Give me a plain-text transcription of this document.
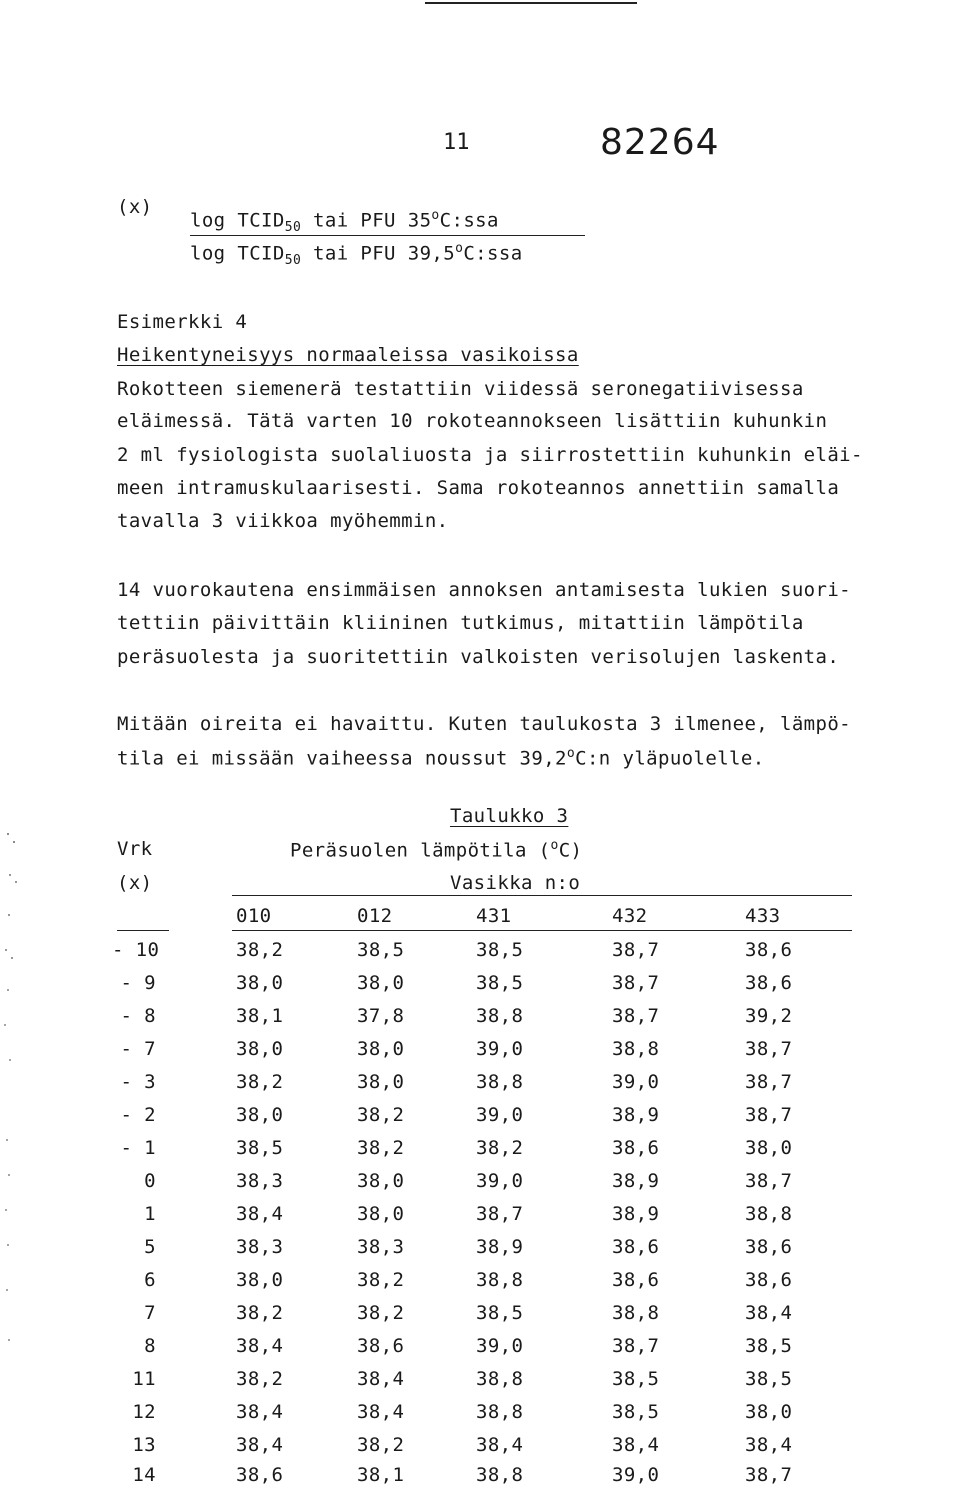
11	82264
(x)
$\log TCID_{50}$ tai PFU 35$^o$C:ssa
$\log TCID_{50}$ tai PFU 39,5$^o$C:ssa
Esimerkki 4
Heikentyneisyys normaaleissa vasikoissa
Rokotteen siemenerä testattiin viidessä seronegatiivisessa
eläimessä. Tätä varten 10 rokoteannokseen lisättiin kuhunkin
2 ml fysiologista suolaliuosta ja siirrostettiin kuhunkin eläi-
meen intramuskulaarisesti. Sama rokoteannos annettiin samalla
tavalla 3 viikkoa myöhemmin.
14 vuorokautena ensimmäisen annoksen antamisesta lukien suori-
tettiin päivittäin kliininen tutkimus, mitattiin lämpötila
peräsuolesta ja suoritettiin valkoisten verisolujen laskenta.
Mitään oireita ei havaittu. Kuten taulukosta 3 ilmenee, lämpö-
tila ei missään vaiheessa noussut 39,2$^o$C:n yläpuolelle.
Taulukko 3
Vrk	Peräsuolen lämpötila ($^o$C)
(x)	Vasikka n:o
010	012	431	432	433
- 10	38,2	38,5	38,5	38,7	38,6
- 9	38,0	38,0	38,5	38,7	38,6
- 8	38,1	37,8	38,8	38,7	39,2
- 7	38,0	38,0	39,0	38,8	38,7
- 3	38,2	38,0	38,8	39,0	38,7
- 2	38,0	38,2	39,0	38,9	38,7
- 1	38,5	38,2	38,2	38,6	38,0
0	38,3	38,0	39,0	38,9	38,7
1	38,4	38,0	38,7	38,9	38,8
5	38,3	38,3	38,9	38,6	38,6
6	38,0	38,2	38,8	38,6	38,6
7	38,2	38,2	38,5	38,8	38,4
8	38,4	38,6	39,0	38,7	38,5
11	38,2	38,4	38,8	38,5	38,5
12	38,4	38,4	38,8	38,5	38,0
13	38,4	38,2	38,4	38,4	38,4
14	38,6	38,1	38,8	39,0	38,7
